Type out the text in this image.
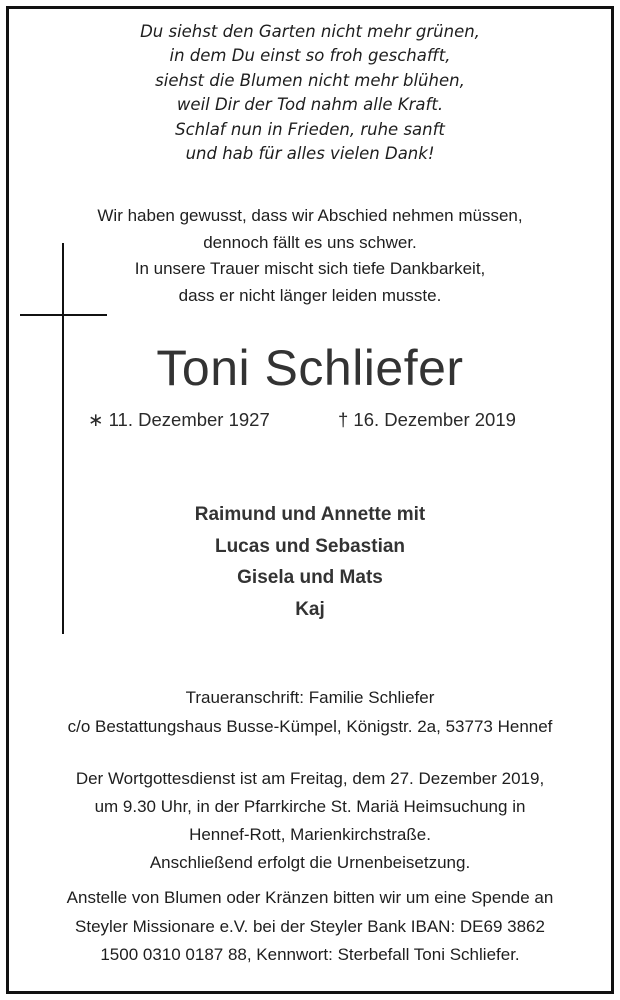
Du siehst den Garten nicht mehr grünen,
in dem Du einst so froh geschafft,
siehst die Blumen nicht mehr blühen,
weil Dir der Tod nahm alle Kraft.
Schlaf nun in Frieden, ruhe sanft
und hab für alles vielen Dank!
Wir haben gewusst, dass wir Abschied nehmen müssen,
dennoch fällt es uns schwer.
In unsere Trauer mischt sich tiefe Dankbarkeit,
dass er nicht länger leiden musste.
Toni Schliefer
∗ 11. Dezember 1927	† 16. Dezember 2019
Raimund und Annette mit
Lucas und Sebastian
Gisela und Mats
Kaj
Traueranschrift: Familie Schliefer
c/o Bestattungshaus Busse-Kümpel, Königstr. 2a, 53773 Hennef
Der Wortgottesdienst ist am Freitag, dem 27. Dezember 2019,
um 9.30 Uhr, in der Pfarrkirche St. Mariä Heimsuchung in
Hennef-Rott, Marienkirchstraße.
Anschließend erfolgt die Urnenbeisetzung.
Anstelle von Blumen oder Kränzen bitten wir um eine Spende an
Steyler Missionare e.V. bei der Steyler Bank IBAN: DE69 3862
1500 0310 0187 88, Kennwort: Sterbefall Toni Schliefer.
